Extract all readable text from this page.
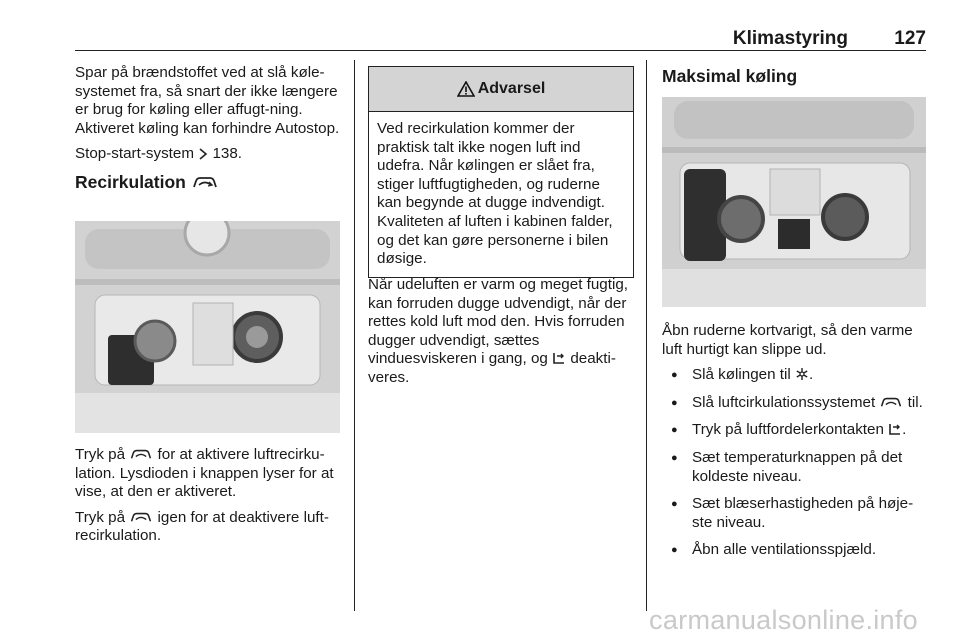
Klimastyring 127

Spar på brændstoffet ved at slå køle-systemet fra, så snart der ikke længere er brug for køling eller affugt-ning. Aktiveret køling kan forhindre Autostop.

Stop-start-system 138.

Recirkulation

Tryk på for at aktivere luftrecirku-lation. Lysdioden i knappen lyser for at vise, at den er aktiveret.

Tryk på igen for at deaktivere luft-recirkulation.

Advarsel
Ved recirkulation kommer der praktisk talt ikke nogen luft ind udefra. Når kølingen er slået fra, stiger luftfugtigheden, og ruderne kan begynde at dugge indvendigt. Kvaliteten af luften i kabinen falder, og det kan gøre personerne i bilen døsige.

Når udeluften er varm og meget fugtig, kan forruden dugge udvendigt, når der rettes kold luft mod den. Hvis forruden dugger udvendigt, sættes vinduesviskeren i gang, og deakti-veres.

Maksimal køling

Åbn ruderne kortvarigt, så den varme luft hurtigt kan slippe ud.

● Slå kølingen til .
● Slå luftcirkulationssystemet til.
● Tryk på luftfordelerkontakten .
● Sæt temperaturknappen på det koldeste niveau.
● Sæt blæserhastigheden på høje-ste niveau.
● Åbn alle ventilationsspjæld.
carmanualsonline.info
